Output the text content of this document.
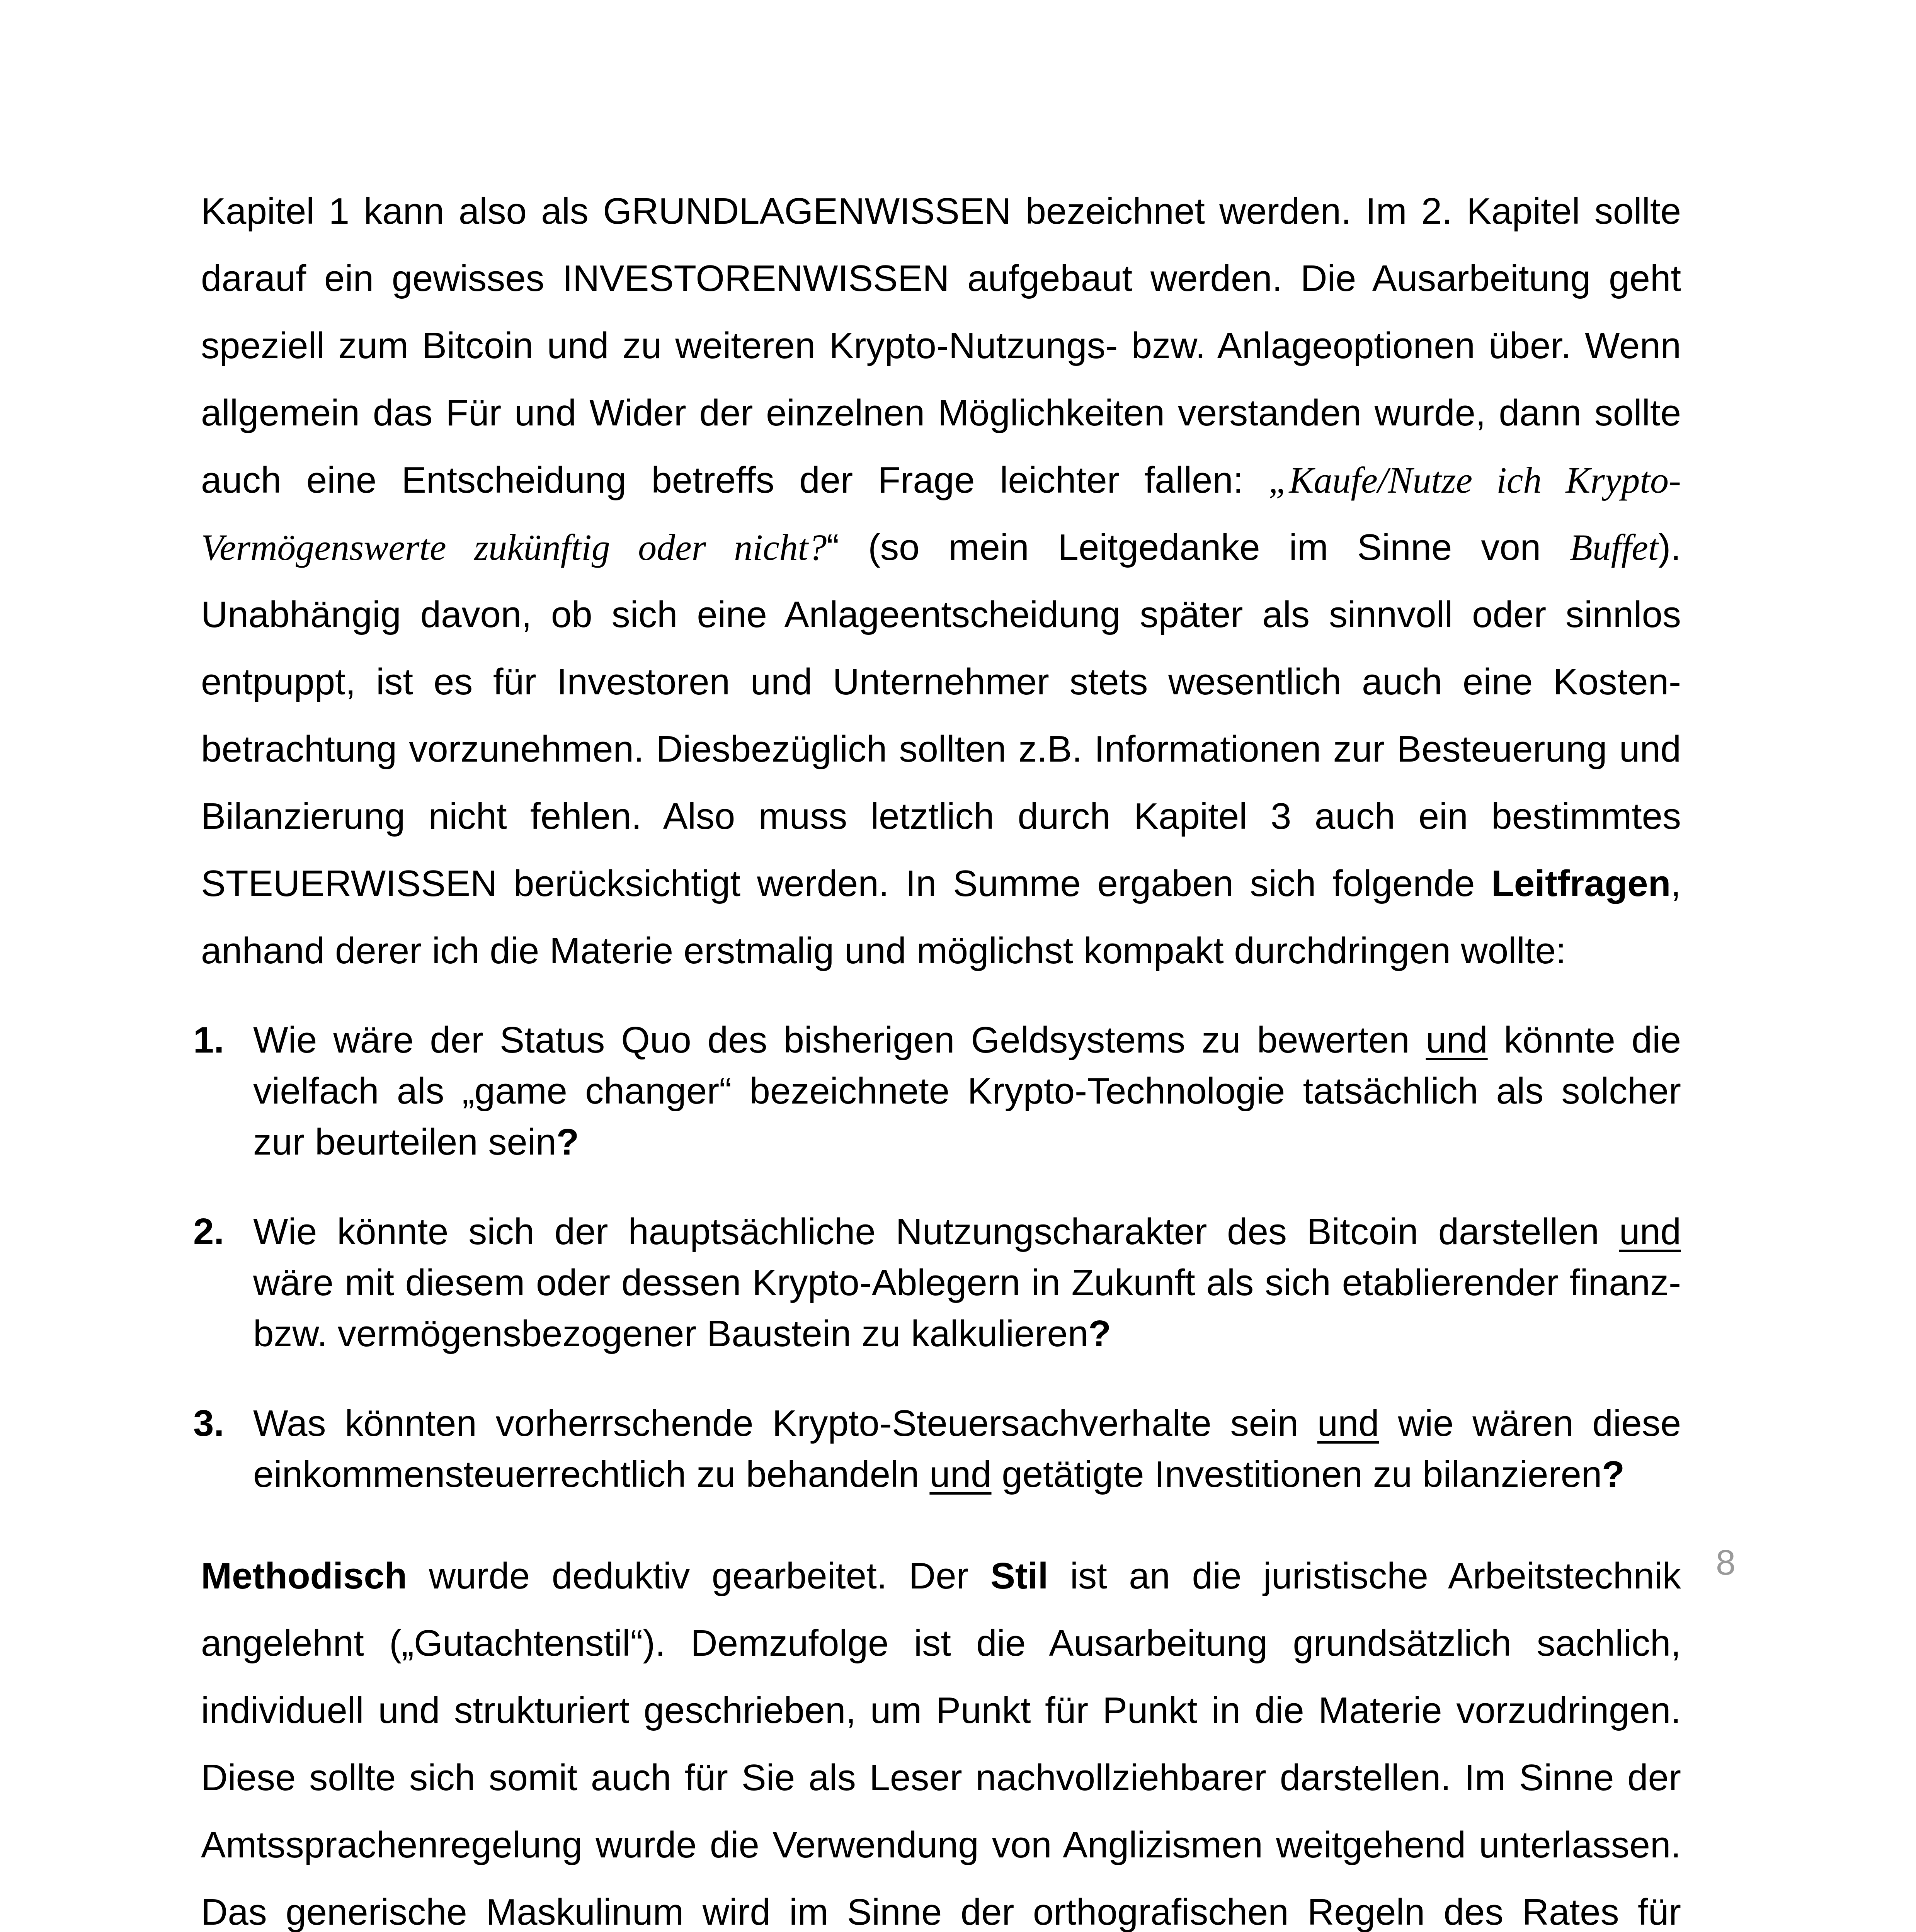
Kapitel 1 kann also als GRUNDLAGENWISSEN bezeichnet werden. Im 2. Kapitel sollte darauf ein gewisses INVESTORENWISSEN aufgebaut werden. Die Ausarbeitung geht speziell zum Bitcoin und zu weiteren Krypto-Nutzungs- bzw. Anlageoptionen über. Wenn allgemein das Für und Wider der einzelnen Möglichkeiten verstanden wurde, dann sollte auch eine Entscheidung betreffs der Frage leichter fallen: „Kaufe/Nutze ich Krypto-Vermögenswerte zukünftig oder nicht?“ (so mein Leitgedanke im Sinne von Buffet). Unabhängig davon, ob sich eine Anlageentscheidung später als sinnvoll oder sinnlos entpuppt, ist es für Investoren und Unternehmer stets wesentlich auch eine Kostenbetrachtung vorzunehmen. Diesbezüglich sollten z.B. Informationen zur Besteuerung und Bilanzierung nicht fehlen. Also muss letztlich durch Kapitel 3 auch ein bestimmtes STEUERWISSEN berücksichtigt werden. In Summe ergaben sich folgende Leitfragen, anhand derer ich die Materie erstmalig und möglichst kompakt durchdringen wollte:

1. Wie wäre der Status Quo des bisherigen Geldsystems zu bewerten und könnte die vielfach als „game changer“ bezeichnete Krypto-Technologie tatsächlich als solcher zur beurteilen sein?
2. Wie könnte sich der hauptsächliche Nutzungscharakter des Bitcoin darstellen und wäre mit diesem oder dessen Krypto-Ablegern in Zukunft als sich etablierender finanz- bzw. vermögensbezogener Baustein zu kalkulieren?
3. Was könnten vorherrschende Krypto-Steuersachverhalte sein und wie wären diese einkommensteuerrechtlich zu behandeln und getätigte Investitionen zu bilanzieren?

Methodisch wurde deduktiv gearbeitet. Der Stil ist an die juristische Arbeitstechnik angelehnt („Gutachtenstil“). Demzufolge ist die Ausarbeitung grundsätzlich sachlich, individuell und strukturiert geschrieben, um Punkt für Punkt in die Materie vorzudringen. Diese sollte sich somit auch für Sie als Leser nachvollziehbarer darstellen. Im Sinne der Amtssprachenregelung wurde die Verwendung von Anglizismen weitgehend unterlassen. Das generische Maskulinum wird im Sinne der orthografischen Regeln des Rates für

8
